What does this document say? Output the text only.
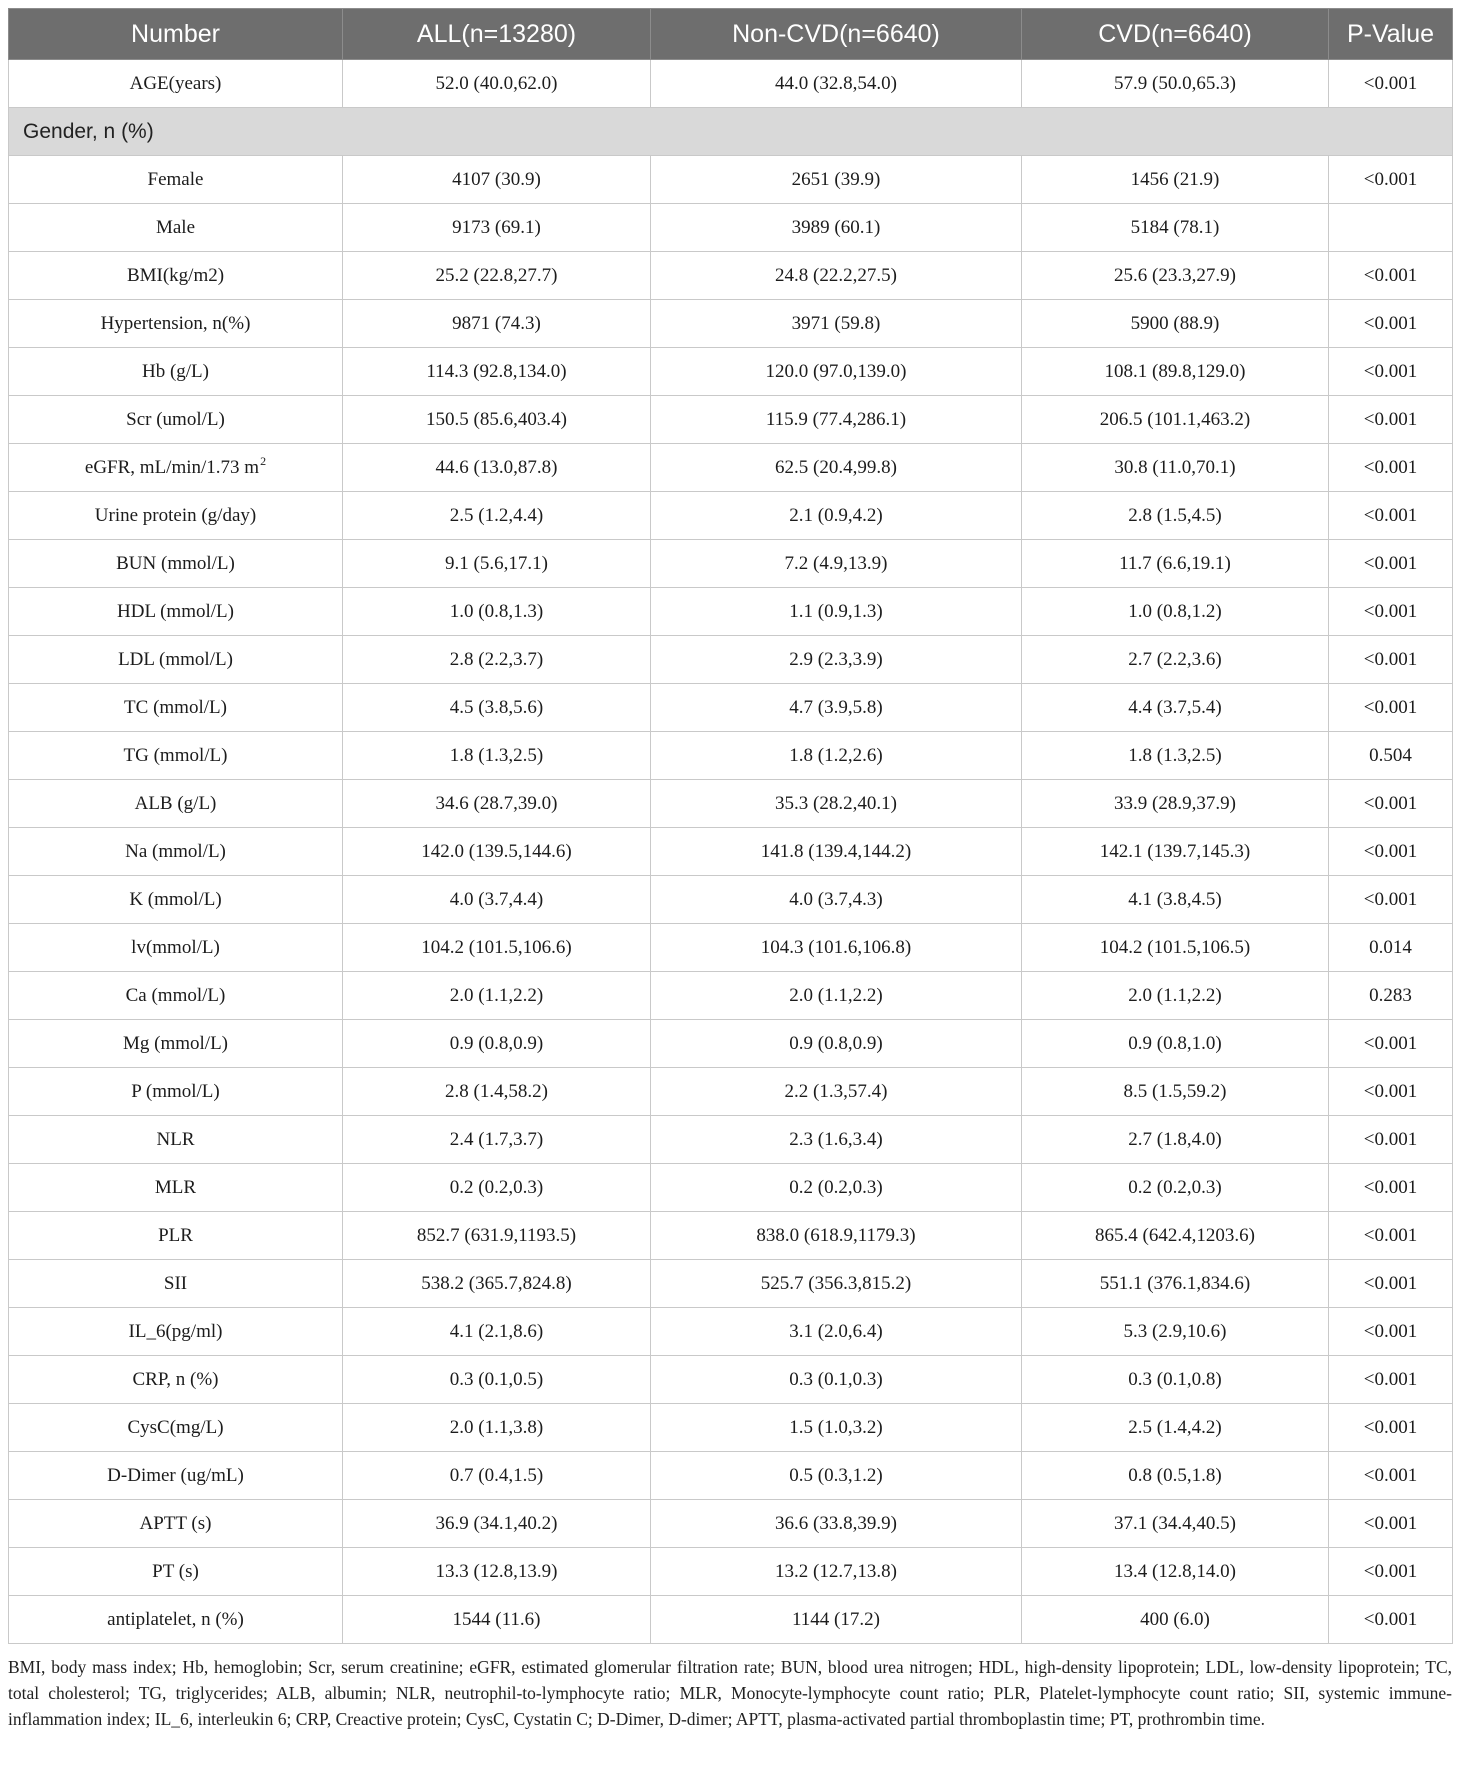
Number	ALL(n=13280)	Non-CVD(n=6640)	CVD(n=6640)	P-Value
AGE(years)	52.0 (40.0,62.0)	44.0 (32.8,54.0)	57.9 (50.0,65.3)	<0.001
Gender, n (%)				
Female	4107 (30.9)	2651 (39.9)	1456 (21.9)	<0.001
Male	9173 (69.1)	3989 (60.1)	5184 (78.1)	
BMI(kg/m2)	25.2 (22.8,27.7)	24.8 (22.2,27.5)	25.6 (23.3,27.9)	<0.001
Hypertension, n(%)	9871 (74.3)	3971 (59.8)	5900 (88.9)	<0.001
Hb (g/L)	114.3 (92.8,134.0)	120.0 (97.0,139.0)	108.1 (89.8,129.0)	<0.001
Scr (umol/L)	150.5 (85.6,403.4)	115.9 (77.4,286.1)	206.5 (101.1,463.2)	<0.001
eGFR, mL/min/1.73 $m^2$	44.6 (13.0,87.8)	62.5 (20.4,99.8)	30.8 (11.0,70.1)	<0.001
Urine protein (g/day)	2.5 (1.2,4.4)	2.1 (0.9,4.2)	2.8 (1.5,4.5)	<0.001
BUN (mmol/L)	9.1 (5.6,17.1)	7.2 (4.9,13.9)	11.7 (6.6,19.1)	<0.001
HDL (mmol/L)	1.0 (0.8,1.3)	1.1 (0.9,1.3)	1.0 (0.8,1.2)	<0.001
LDL (mmol/L)	2.8 (2.2,3.7)	2.9 (2.3,3.9)	2.7 (2.2,3.6)	<0.001
TC (mmol/L)	4.5 (3.8,5.6)	4.7 (3.9,5.8)	4.4 (3.7,5.4)	<0.001
TG (mmol/L)	1.8 (1.3,2.5)	1.8 (1.2,2.6)	1.8 (1.3,2.5)	0.504
ALB (g/L)	34.6 (28.7,39.0)	35.3 (28.2,40.1)	33.9 (28.9,37.9)	<0.001
Na (mmol/L)	142.0 (139.5,144.6)	141.8 (139.4,144.2)	142.1 (139.7,145.3)	<0.001
K (mmol/L)	4.0 (3.7,4.4)	4.0 (3.7,4.3)	4.1 (3.8,4.5)	<0.001
lv(mmol/L)	104.2 (101.5,106.6)	104.3 (101.6,106.8)	104.2 (101.5,106.5)	0.014
Ca (mmol/L)	2.0 (1.1,2.2)	2.0 (1.1,2.2)	2.0 (1.1,2.2)	0.283
Mg (mmol/L)	0.9 (0.8,0.9)	0.9 (0.8,0.9)	0.9 (0.8,1.0)	<0.001
P (mmol/L)	2.8 (1.4,58.2)	2.2 (1.3,57.4)	8.5 (1.5,59.2)	<0.001
NLR	2.4 (1.7,3.7)	2.3 (1.6,3.4)	2.7 (1.8,4.0)	<0.001
MLR	0.2 (0.2,0.3)	0.2 (0.2,0.3)	0.2 (0.2,0.3)	<0.001
PLR	852.7 (631.9,1193.5)	838.0 (618.9,1179.3)	865.4 (642.4,1203.6)	<0.001
SII	538.2 (365.7,824.8)	525.7 (356.3,815.2)	551.1 (376.1,834.6)	<0.001
IL_6(pg/ml)	4.1 (2.1,8.6)	3.1 (2.0,6.4)	5.3 (2.9,10.6)	<0.001
CRP, n (%)	0.3 (0.1,0.5)	0.3 (0.1,0.3)	0.3 (0.1,0.8)	<0.001
CysC(mg/L)	2.0 (1.1,3.8)	1.5 (1.0,3.2)	2.5 (1.4,4.2)	<0.001
D-Dimer (ug/mL)	0.7 (0.4,1.5)	0.5 (0.3,1.2)	0.8 (0.5,1.8)	<0.001
APTT (s)	36.9 (34.1,40.2)	36.6 (33.8,39.9)	37.1 (34.4,40.5)	<0.001
PT (s)	13.3 (12.8,13.9)	13.2 (12.7,13.8)	13.4 (12.8,14.0)	<0.001
antiplatelet, n (%)	1544 (11.6)	1144 (17.2)	400 (6.0)	<0.001

BMI, body mass index; Hb, hemoglobin; Scr, serum creatinine; eGFR, estimated glomerular filtration rate; BUN, blood urea nitrogen; HDL, high-density lipoprotein; LDL, low-density lipoprotein; TC, total cholesterol; TG, triglycerides; ALB, albumin; NLR, neutrophil-to-lymphocyte ratio; MLR, Monocyte-lymphocyte count ratio; PLR, Platelet-lymphocyte count ratio; SII, systemic immune-inflammation index; IL_6, interleukin 6; CRP, Creactive protein; CysC, Cystatin C; D-Dimer, D-dimer; APTT, plasma-activated partial thromboplastin time; PT, prothrombin time.
